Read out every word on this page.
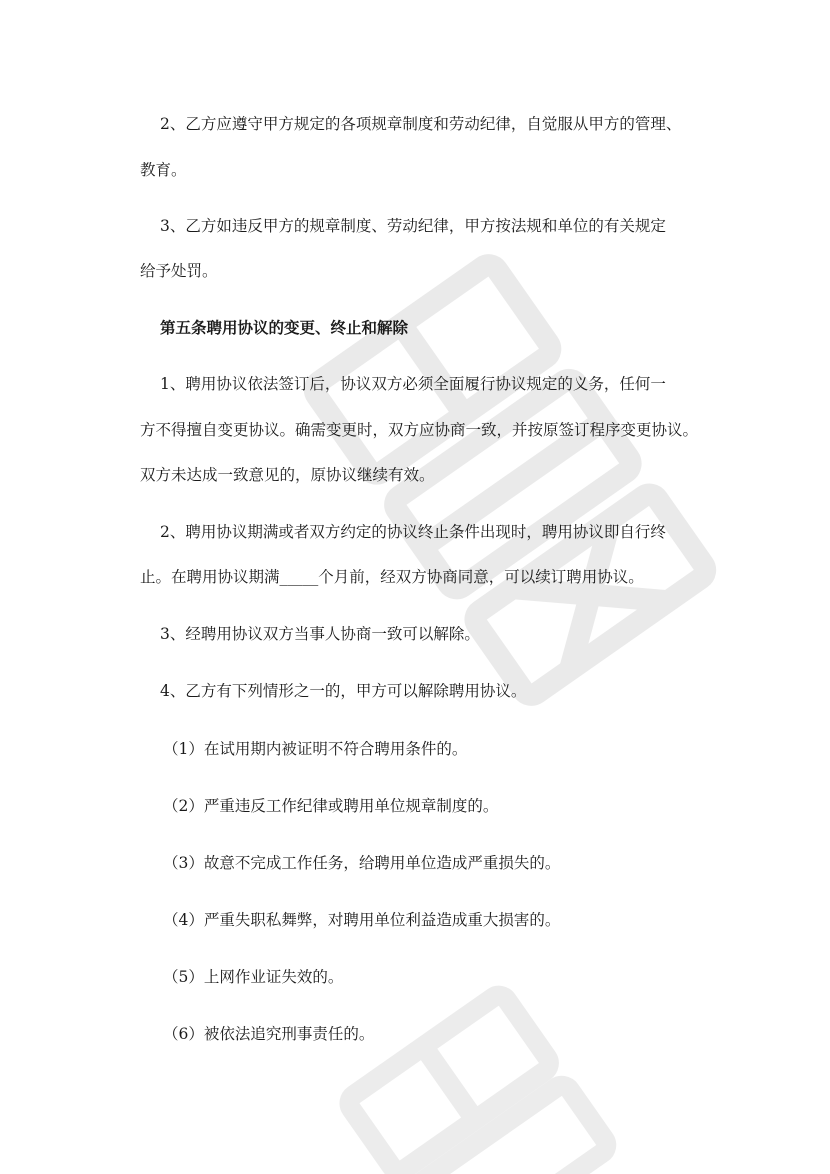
2、乙方应遵守甲方规定的各项规章制度和劳动纪律，自觉服从甲方的管理、
教育。
3、乙方如违反甲方的规章制度、劳动纪律，甲方按法规和单位的有关规定
给予处罚。
第五条聘用协议的变更、终止和解除
1、聘用协议依法签订后，协议双方必须全面履行协议规定的义务，任何一
方不得擅自变更协议。确需变更时，双方应协商一致，并按原签订程序变更协议。
双方未达成一致意见的，原协议继续有效。
2、聘用协议期满或者双方约定的协议终止条件出现时，聘用协议即自行终
止。在聘用协议期满_____个月前，经双方协商同意，可以续订聘用协议。
3、经聘用协议双方当事人协商一致可以解除。
4、乙方有下列情形之一的，甲方可以解除聘用协议。
（1）在试用期内被证明不符合聘用条件的。
（2）严重违反工作纪律或聘用单位规章制度的。
（3）故意不完成工作任务，给聘用单位造成严重损失的。
（4）严重失职私舞弊，对聘用单位利益造成重大损害的。
（5）上网作业证失效的。
（6）被依法追究刑事责任的。
